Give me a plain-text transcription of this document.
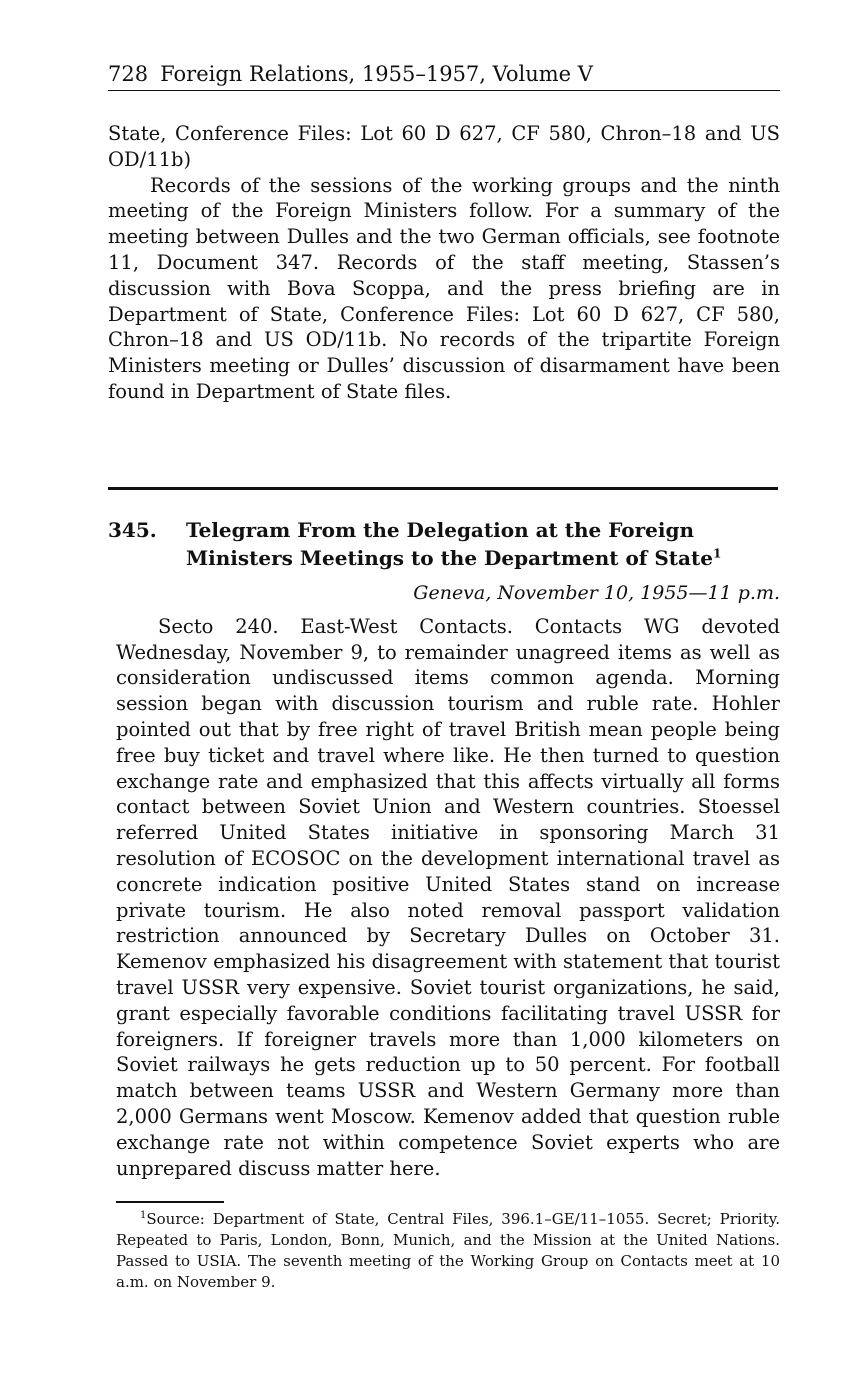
728 Foreign Relations, 1955–1957, Volume V

State, Conference Files: Lot 60 D 627, CF 580, Chron–18 and US OD/11b)

Records of the sessions of the working groups and the ninth meeting of the Foreign Ministers follow. For a summary of the meeting between Dulles and the two German officials, see footnote 11, Document 347. Records of the staff meeting, Stassen’s discussion with Bova Scoppa, and the press briefing are in Department of State, Conference Files: Lot 60 D 627, CF 580, Chron–18 and US OD/11b. No records of the tripartite Foreign Ministers meeting or Dulles’ discussion of disarmament have been found in Department of State files.

345.	Telegram From the Delegation at the Foreign Ministers Meetings to the Department of State$^1$
Geneva, November 10, 1955—11 p.m.

Secto 240. East-West Contacts. Contacts WG devoted Wednesday, November 9, to remainder unagreed items as well as consideration undiscussed items common agenda. Morning session began with discussion tourism and ruble rate. Hohler pointed out that by free right of travel British mean people being free buy ticket and travel where like. He then turned to question exchange rate and emphasized that this affects virtually all forms contact between Soviet Union and Western countries. Stoessel referred United States initiative in sponsoring March 31 resolution of ECOSOC on the development international travel as concrete indication positive United States stand on increase private tourism. He also noted removal passport validation restriction announced by Secretary Dulles on October 31. Kemenov emphasized his disagreement with statement that tourist travel USSR very expensive. Soviet tourist organizations, he said, grant especially favorable conditions facilitating travel USSR for foreigners. If foreigner travels more than 1,000 kilometers on Soviet railways he gets reduction up to 50 percent. For football match between teams USSR and Western Germany more than 2,000 Germans went Moscow. Kemenov added that question ruble exchange rate not within competence Soviet experts who are unprepared discuss matter here.

$^1$Source: Department of State, Central Files, 396.1–GE/11–1055. Secret; Priority. Repeated to Paris, London, Bonn, Munich, and the Mission at the United Nations. Passed to USIA. The seventh meeting of the Working Group on Contacts meet at 10 a.m. on November 9.
